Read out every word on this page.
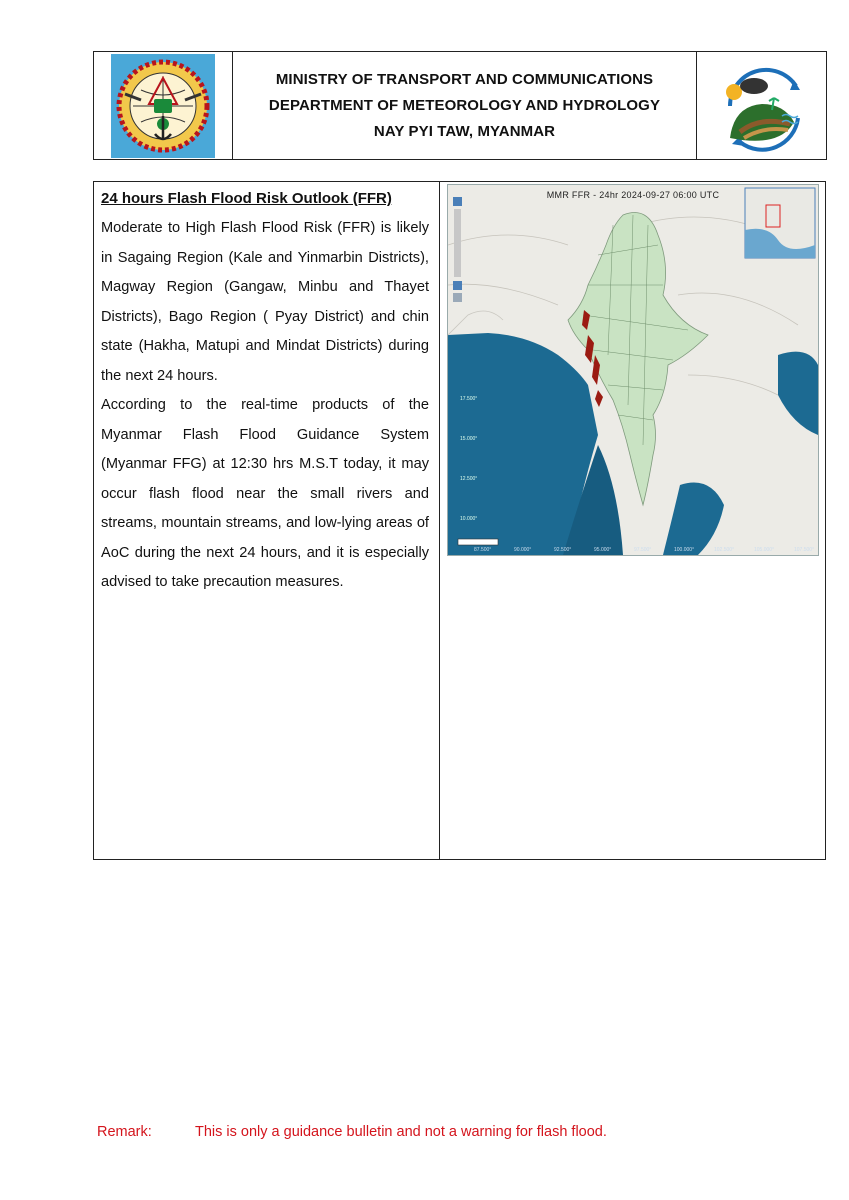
MINISTRY OF TRANSPORT AND COMMUNICATIONS
DEPARTMENT OF METEOROLOGY AND HYDROLOGY
NAY PYI TAW, MYANMAR
24 hours Flash Flood Risk Outlook (FFR)

Moderate to High Flash Flood Risk (FFR) is likely in Sagaing Region (Kale and Yinmarbin Districts), Magway Region (Gangaw, Minbu and Thayet Districts), Bago Region ( Pyay District) and chin state (Hakha, Matupi and Mindat Districts) during the next 24 hours.

According to the real-time products of the Myanmar Flash Flood Guidance System (Myanmar FFG) at 12:30 hrs M.S.T today, it may occur flash flood near the small rivers and streams, mountain streams, and low-lying areas of AoC during the next 24 hours, and it is especially advised to take precaution measures.

17.500°
15.000°
12.500°
10.000°
87.500°	90.000°	92.500°	95.000°	97.500°	100.000°	102.500°	105.000°	107.500°
MMR FFR - 24hr 2024-09-27 06:00 UTC
Remark:	This is only a guidance bulletin and not a warning for flash flood.
